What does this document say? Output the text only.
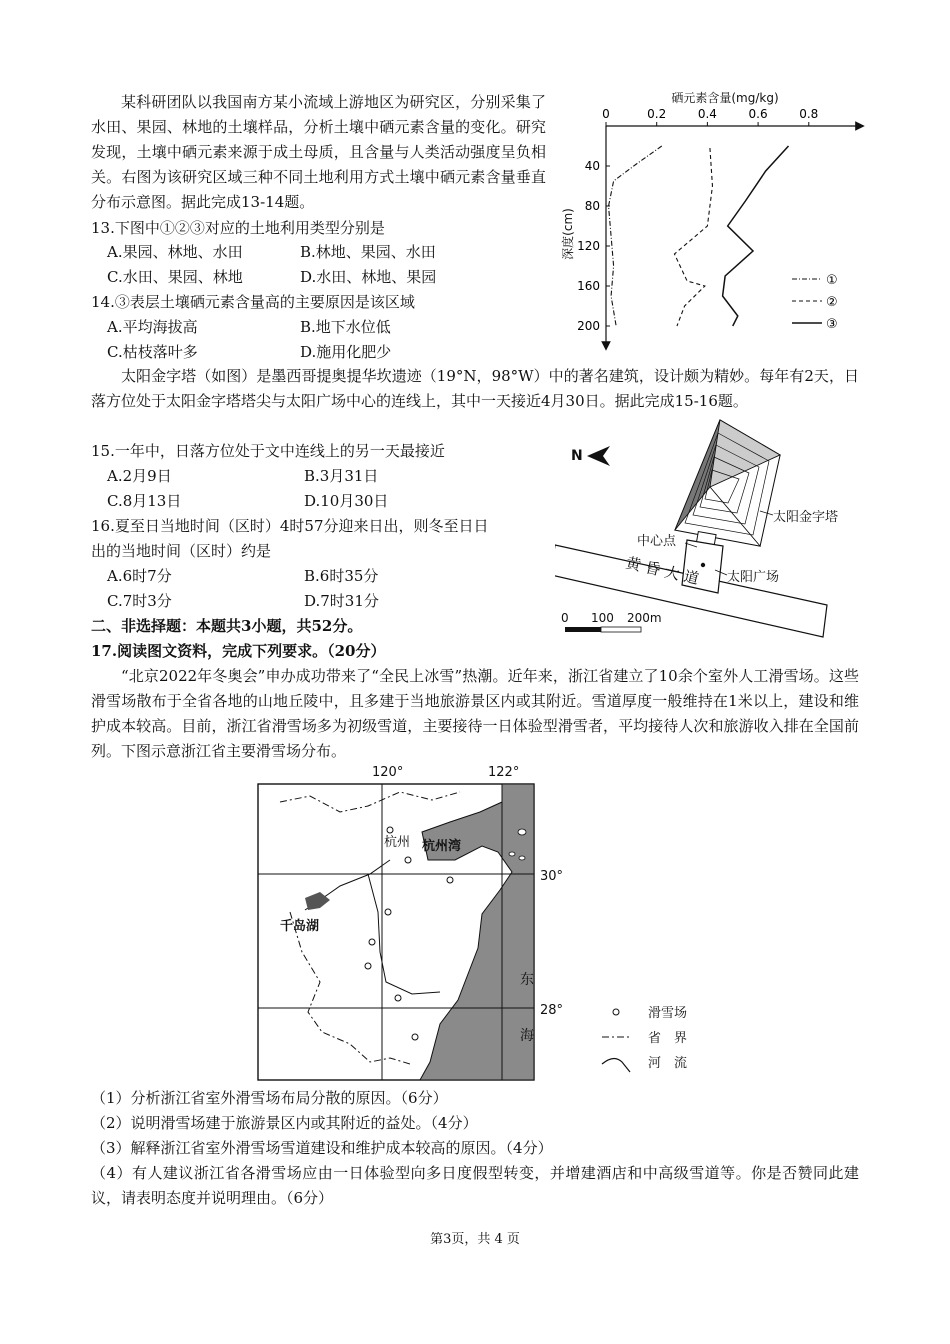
某科研团队以我国南方某小流域上游地区为研究区，分别采集了水田、果园、林地的土壤样品，分析土壤中硒元素含量的变化。研究发现，土壤中硒元素来源于成土母质，且含量与人类活动强度呈负相关。右图为该研究区域三种不同土地利用方式土壤中硒元素含量垂直分布示意图。据此完成13-14题。
13.下图中①②③对应的土地利用类型分别是
A.果园、林地、水田	B.林地、果园、水田
C.水田、果园、林地	D.水田、林地、果园
14.③表层土壤硒元素含量高的主要原因是该区域
A.平均海拔高	B.地下水位低
C.枯枝落叶多	D.施用化肥少
硒元素含量(mg/kg)
0	0.2	0.4	0.6	0.8
40
80
120
160
200
深度(cm)
①
②
③
太阳金字塔（如图）是墨西哥提奥提华坎遗迹（19°N，98°W）中的著名建筑，设计颇为精妙。每年有2天，日落方位处于太阳金字塔塔尖与太阳广场中心的连线上，其中一天接近4月30日。据此完成15-16题。
15.一年中，日落方位处于文中连线上的另一天最接近
A.2月9日	B.3月31日
C.8月13日	D.10月30日
16.夏至日当地时间（区时）4时57分迎来日出，则冬至日日
出的当地时间（区时）约是
A.6时7分	B.6时35分
C.7时3分	D.7时31分
N
太阳金字塔
中心点
太阳广场
黄 昏 大 道
0 100 200m
二、非选择题：本题共3小题，共52分。
17.阅读图文资料，完成下列要求。（20分）
“北京2022年冬奥会”申办成功带来了“全民上冰雪”热潮。近年来，浙江省建立了10余个室外人工滑雪场。这些滑雪场散布于全省各地的山地丘陵中，且多建于当地旅游景区内或其附近。雪道厚度一般维持在1米以上，建设和维护成本较高。目前，浙江省滑雪场多为初级雪道，主要接待一日体验型滑雪者，平均接待人次和旅游收入排在全国前列。下图示意浙江省主要滑雪场分布。
120°	122°
杭州 杭州湾
千岛湖
东
海
30°
28°	滑雪场
省　界
河　流
（1）分析浙江省室外滑雪场布局分散的原因。（6分）
（2）说明滑雪场建于旅游景区内或其附近的益处。（4分）
（3）解释浙江省室外滑雪场雪道建设和维护成本较高的原因。（4分）
（4）有人建议浙江省各滑雪场应由一日体验型向多日度假型转变，并增建酒店和中高级雪道等。你是否赞同此建议，请表明态度并说明理由。（6分）
第3页，共 4 页
